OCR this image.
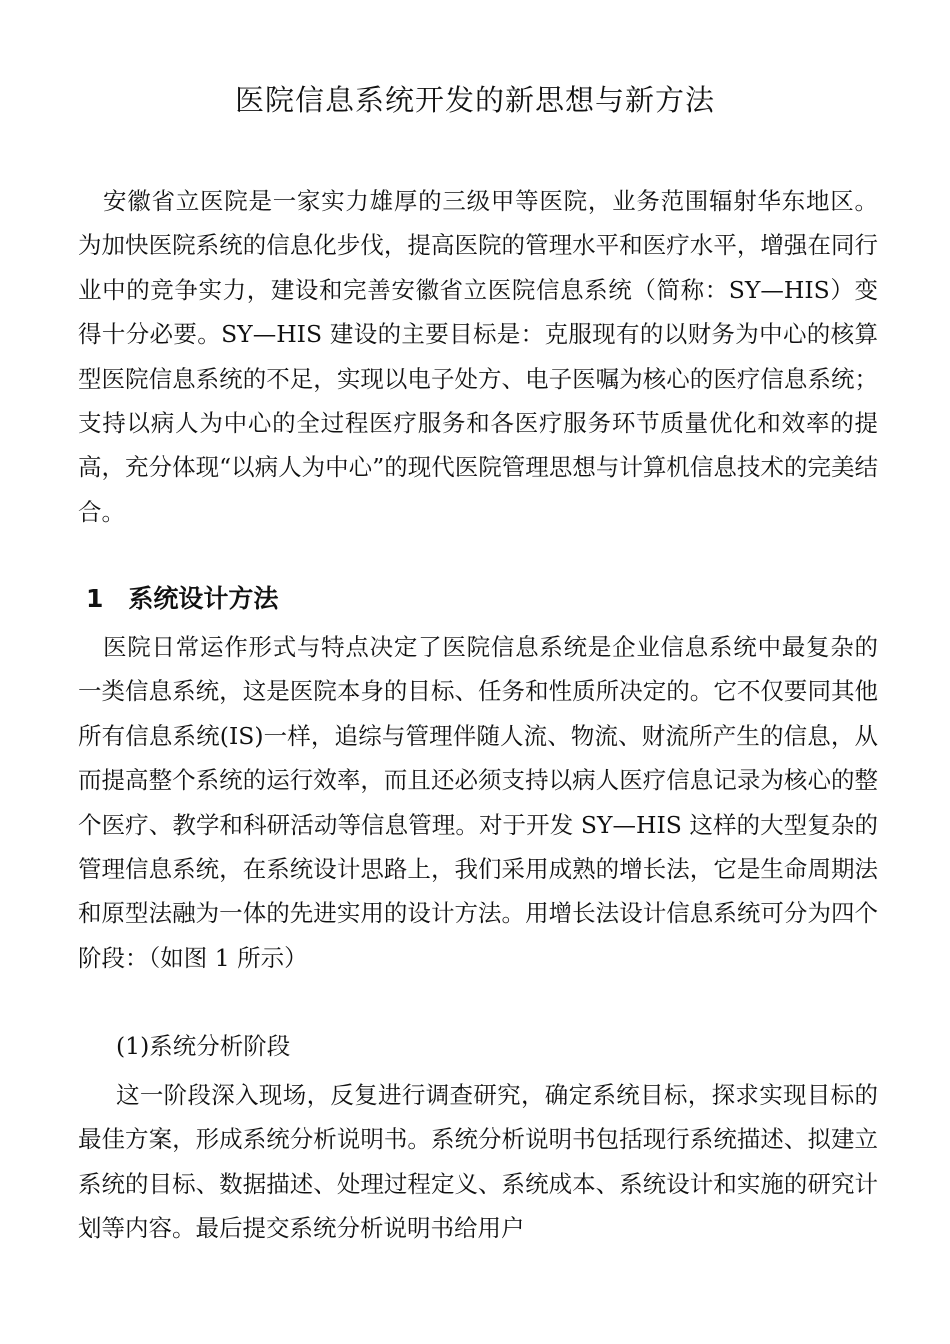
医院信息系统开发的新思想与新方法

安徽省立医院是一家实力雄厚的三级甲等医院，业务范围辐射华东地区。为加快医院系统的信息化步伐，提高医院的管理水平和医疗水平，增强在同行业中的竞争实力，建设和完善安徽省立医院信息系统（简称：SY—HIS）变得十分必要。SY—HIS 建设的主要目标是：克服现有的以财务为中心的核算型医院信息系统的不足，实现以电子处方、电子医嘱为核心的医疗信息系统；支持以病人为中心的全过程医疗服务和各医疗服务环节质量优化和效率的提高，充分体现“以病人为中心”的现代医院管理思想与计算机信息技术的完美结合。

1　系统设计方法

医院日常运作形式与特点决定了医院信息系统是企业信息系统中最复杂的一类信息系统，这是医院本身的目标、任务和性质所决定的。它不仅要同其他所有信息系统(IS)一样，追综与管理伴随人流、物流、财流所产生的信息，从而提高整个系统的运行效率，而且还必须支持以病人医疗信息记录为核心的整个医疗、教学和科研活动等信息管理。对于开发 SY—HIS 这样的大型复杂的管理信息系统，在系统设计思路上，我们采用成熟的增长法，它是生命周期法和原型法融为一体的先进实用的设计方法。用增长法设计信息系统可分为四个阶段：（如图 1 所示）

(1)系统分析阶段

这一阶段深入现场，反复进行调查研究，确定系统目标，探求实现目标的最佳方案，形成系统分析说明书。系统分析说明书包括现行系统描述、拟建立系统的目标、数据描述、处理过程定义、系统成本、系统设计和实施的研究计划等内容。最后提交系统分析说明书给用户
